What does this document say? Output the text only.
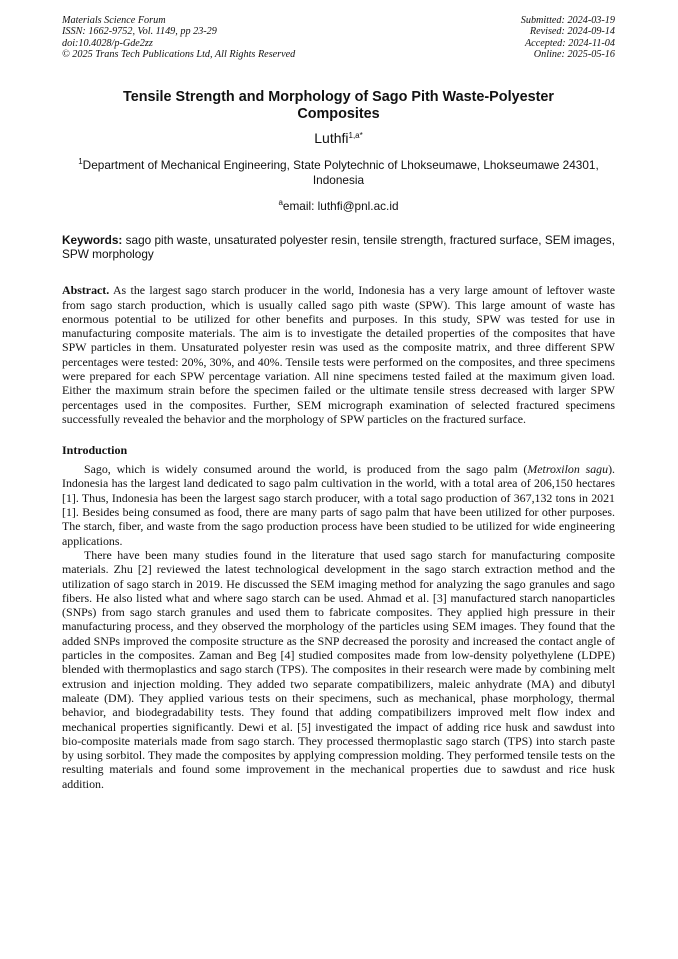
Materials Science Forum
ISSN: 1662-9752, Vol. 1149, pp 23-29
doi:10.4028/p-Gde2zz
© 2025 Trans Tech Publications Ltd, All Rights Reserved
Submitted: 2024-03-19
Revised: 2024-09-14
Accepted: 2024-11-04
Online: 2025-05-16
Tensile Strength and Morphology of Sago Pith Waste-Polyester Composites
Luthfi$^{1,a*}$
$^1$Department of Mechanical Engineering, State Polytechnic of Lhokseumawe, Lhokseumawe 24301, Indonesia
$^a$email: luthfi@pnl.ac.id
Keywords: sago pith waste, unsaturated polyester resin, tensile strength, fractured surface, SEM images, SPW morphology
Abstract. As the largest sago starch producer in the world, Indonesia has a very large amount of leftover waste from sago starch production, which is usually called sago pith waste (SPW). This large amount of waste has enormous potential to be utilized for other benefits and purposes. In this study, SPW was tested for use in manufacturing composite materials. The aim is to investigate the detailed properties of the composites that have SPW particles in them. Unsaturated polyester resin was used as the composite matrix, and three different SPW percentages were tested: 20%, 30%, and 40%. Tensile tests were performed on the composites, and three specimens were prepared for each SPW percentage variation. All nine specimens tested failed at the maximum given load. Either the maximum strain before the specimen failed or the ultimate tensile stress decreased with larger SPW percentages used in the composites. Further, SEM micrograph examination of selected fractured specimens successfully revealed the behavior and the morphology of SPW particles on the fractured surface.
Introduction
Sago, which is widely consumed around the world, is produced from the sago palm (Metroxilon sagu). Indonesia has the largest land dedicated to sago palm cultivation in the world, with a total area of 206,150 hectares [1]. Thus, Indonesia has been the largest sago starch producer, with a total sago production of 367,132 tons in 2021 [1]. Besides being consumed as food, there are many parts of sago palm that have been utilized for other purposes. The starch, fiber, and waste from the sago production process have been studied to be utilized for wide engineering applications.
There have been many studies found in the literature that used sago starch for manufacturing composite materials. Zhu [2] reviewed the latest technological development in the sago starch extraction method and the utilization of sago starch in 2019. He discussed the SEM imaging method for analyzing the sago granules and sago fibers. He also listed what and where sago starch can be used. Ahmad et al. [3] manufactured starch nanoparticles (SNPs) from sago starch granules and used them to fabricate composites. They applied high pressure in their manufacturing process, and they observed the morphology of the particles using SEM images. They found that the added SNPs improved the composite structure as the SNP decreased the porosity and increased the contact angle of particles in the composites. Zaman and Beg [4] studied composites made from low-density polyethylene (LDPE) blended with thermoplastics and sago starch (TPS). The composites in their research were made by combining melt extrusion and injection molding. They added two separate compatibilizers, maleic anhydrate (MA) and dibutyl maleate (DM). They applied various tests on their specimens, such as mechanical, phase morphology, thermal behavior, and biodegradability tests. They found that adding compatibilizers improved melt flow index and mechanical properties significantly. Dewi et al. [5] investigated the impact of adding rice husk and sawdust into bio-composite materials made from sago starch. They processed thermoplastic sago starch (TPS) into starch paste by using sorbitol. They made the composites by applying compression molding. They performed tensile tests on the resulting materials and found some improvement in the mechanical properties due to sawdust and rice husk addition.
